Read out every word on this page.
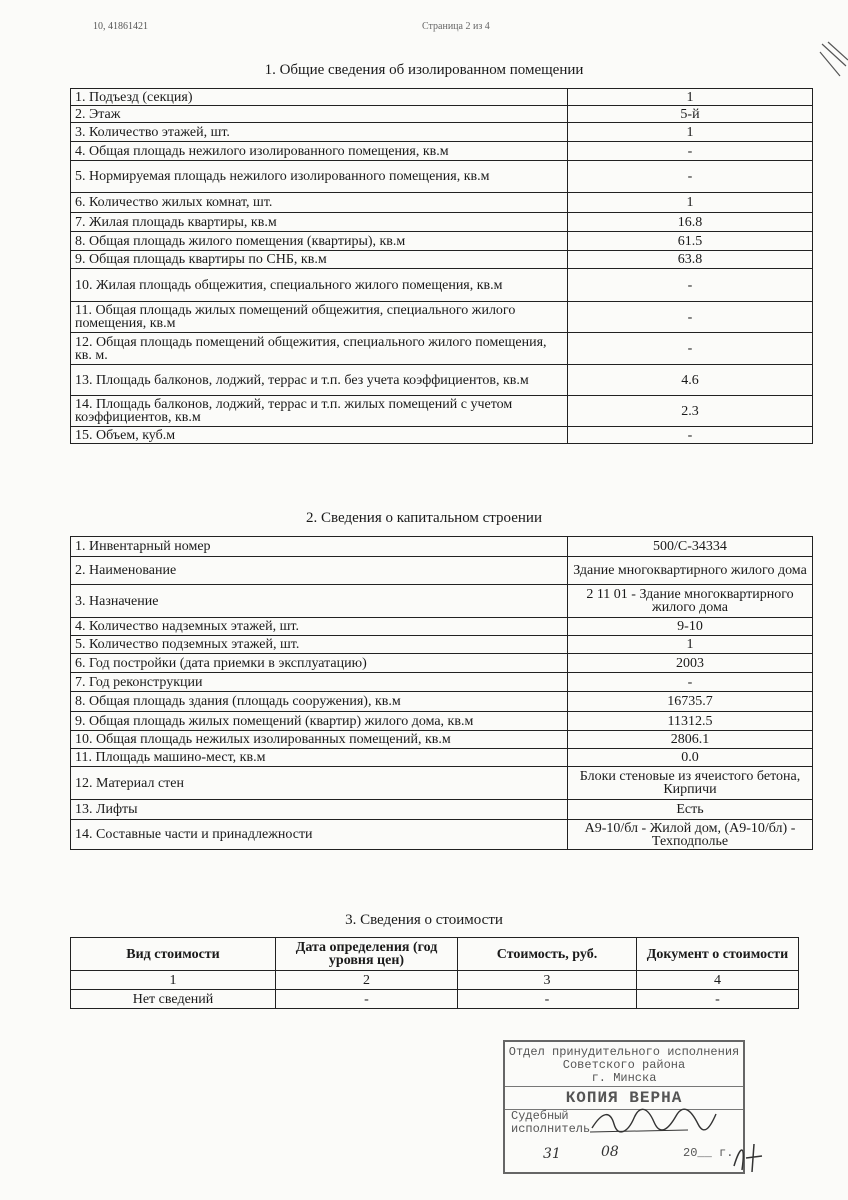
10, 41861421	Страница 2 из 4
1. Общие сведения об изолированном помещении
1. Подъезд (секция)	1
2. Этаж	5-й
3. Количество этажей, шт.	1
4. Общая площадь нежилого изолированного помещения, кв.м	-
5. Нормируемая площадь нежилого изолированного помещения, кв.м	-
6. Количество жилых комнат, шт.	1
7. Жилая площадь квартиры, кв.м	16.8
8. Общая площадь жилого помещения (квартиры), кв.м	61.5
9. Общая площадь квартиры по СНБ, кв.м	63.8
10. Жилая площадь общежития, специального жилого помещения, кв.м	-
11. Общая площадь жилых помещений общежития, специального жилого помещения, кв.м	-
12. Общая площадь помещений общежития, специального жилого помещения, кв. м.	-
13. Площадь балконов, лоджий, террас и т.п. без учета коэффициентов, кв.м	4.6
14. Площадь балконов, лоджий, террас и т.п. жилых помещений с учетом коэффициентов, кв.м	2.3
15. Объем, куб.м	-
2. Сведения о капитальном строении
1. Инвентарный номер	500/С-34334
2. Наименование	Здание многоквартирного жилого дома
3. Назначение	2 11 01 - Здание многоквартирного жилого дома
4. Количество надземных этажей, шт.	9-10
5. Количество подземных этажей, шт.	1
6. Год постройки (дата приемки в эксплуатацию)	2003
7. Год реконструкции	-
8. Общая площадь здания (площадь сооружения), кв.м	16735.7
9. Общая площадь жилых помещений (квартир) жилого дома, кв.м	11312.5
10. Общая площадь нежилых изолированных помещений, кв.м	2806.1
11. Площадь машино-мест, кв.м	0.0
12. Материал стен	Блоки стеновые из ячеистого бетона, Кирпичи
13. Лифты	Есть
14. Составные части и принадлежности	А9-10/бл - Жилой дом, (А9-10/бл) - Техподполье
3. Сведения о стоимости
Вид стоимости	Дата определения (год уровня цен)	Стоимость, руб.	Документ о стоимости
1	2	3	4
Нет сведений	-	-	-
Отдел принудительного исполнения
Советского района
г. Минска
КОПИЯ ВЕРНА
Судебный
исполнитель
31	08	20__ г.
